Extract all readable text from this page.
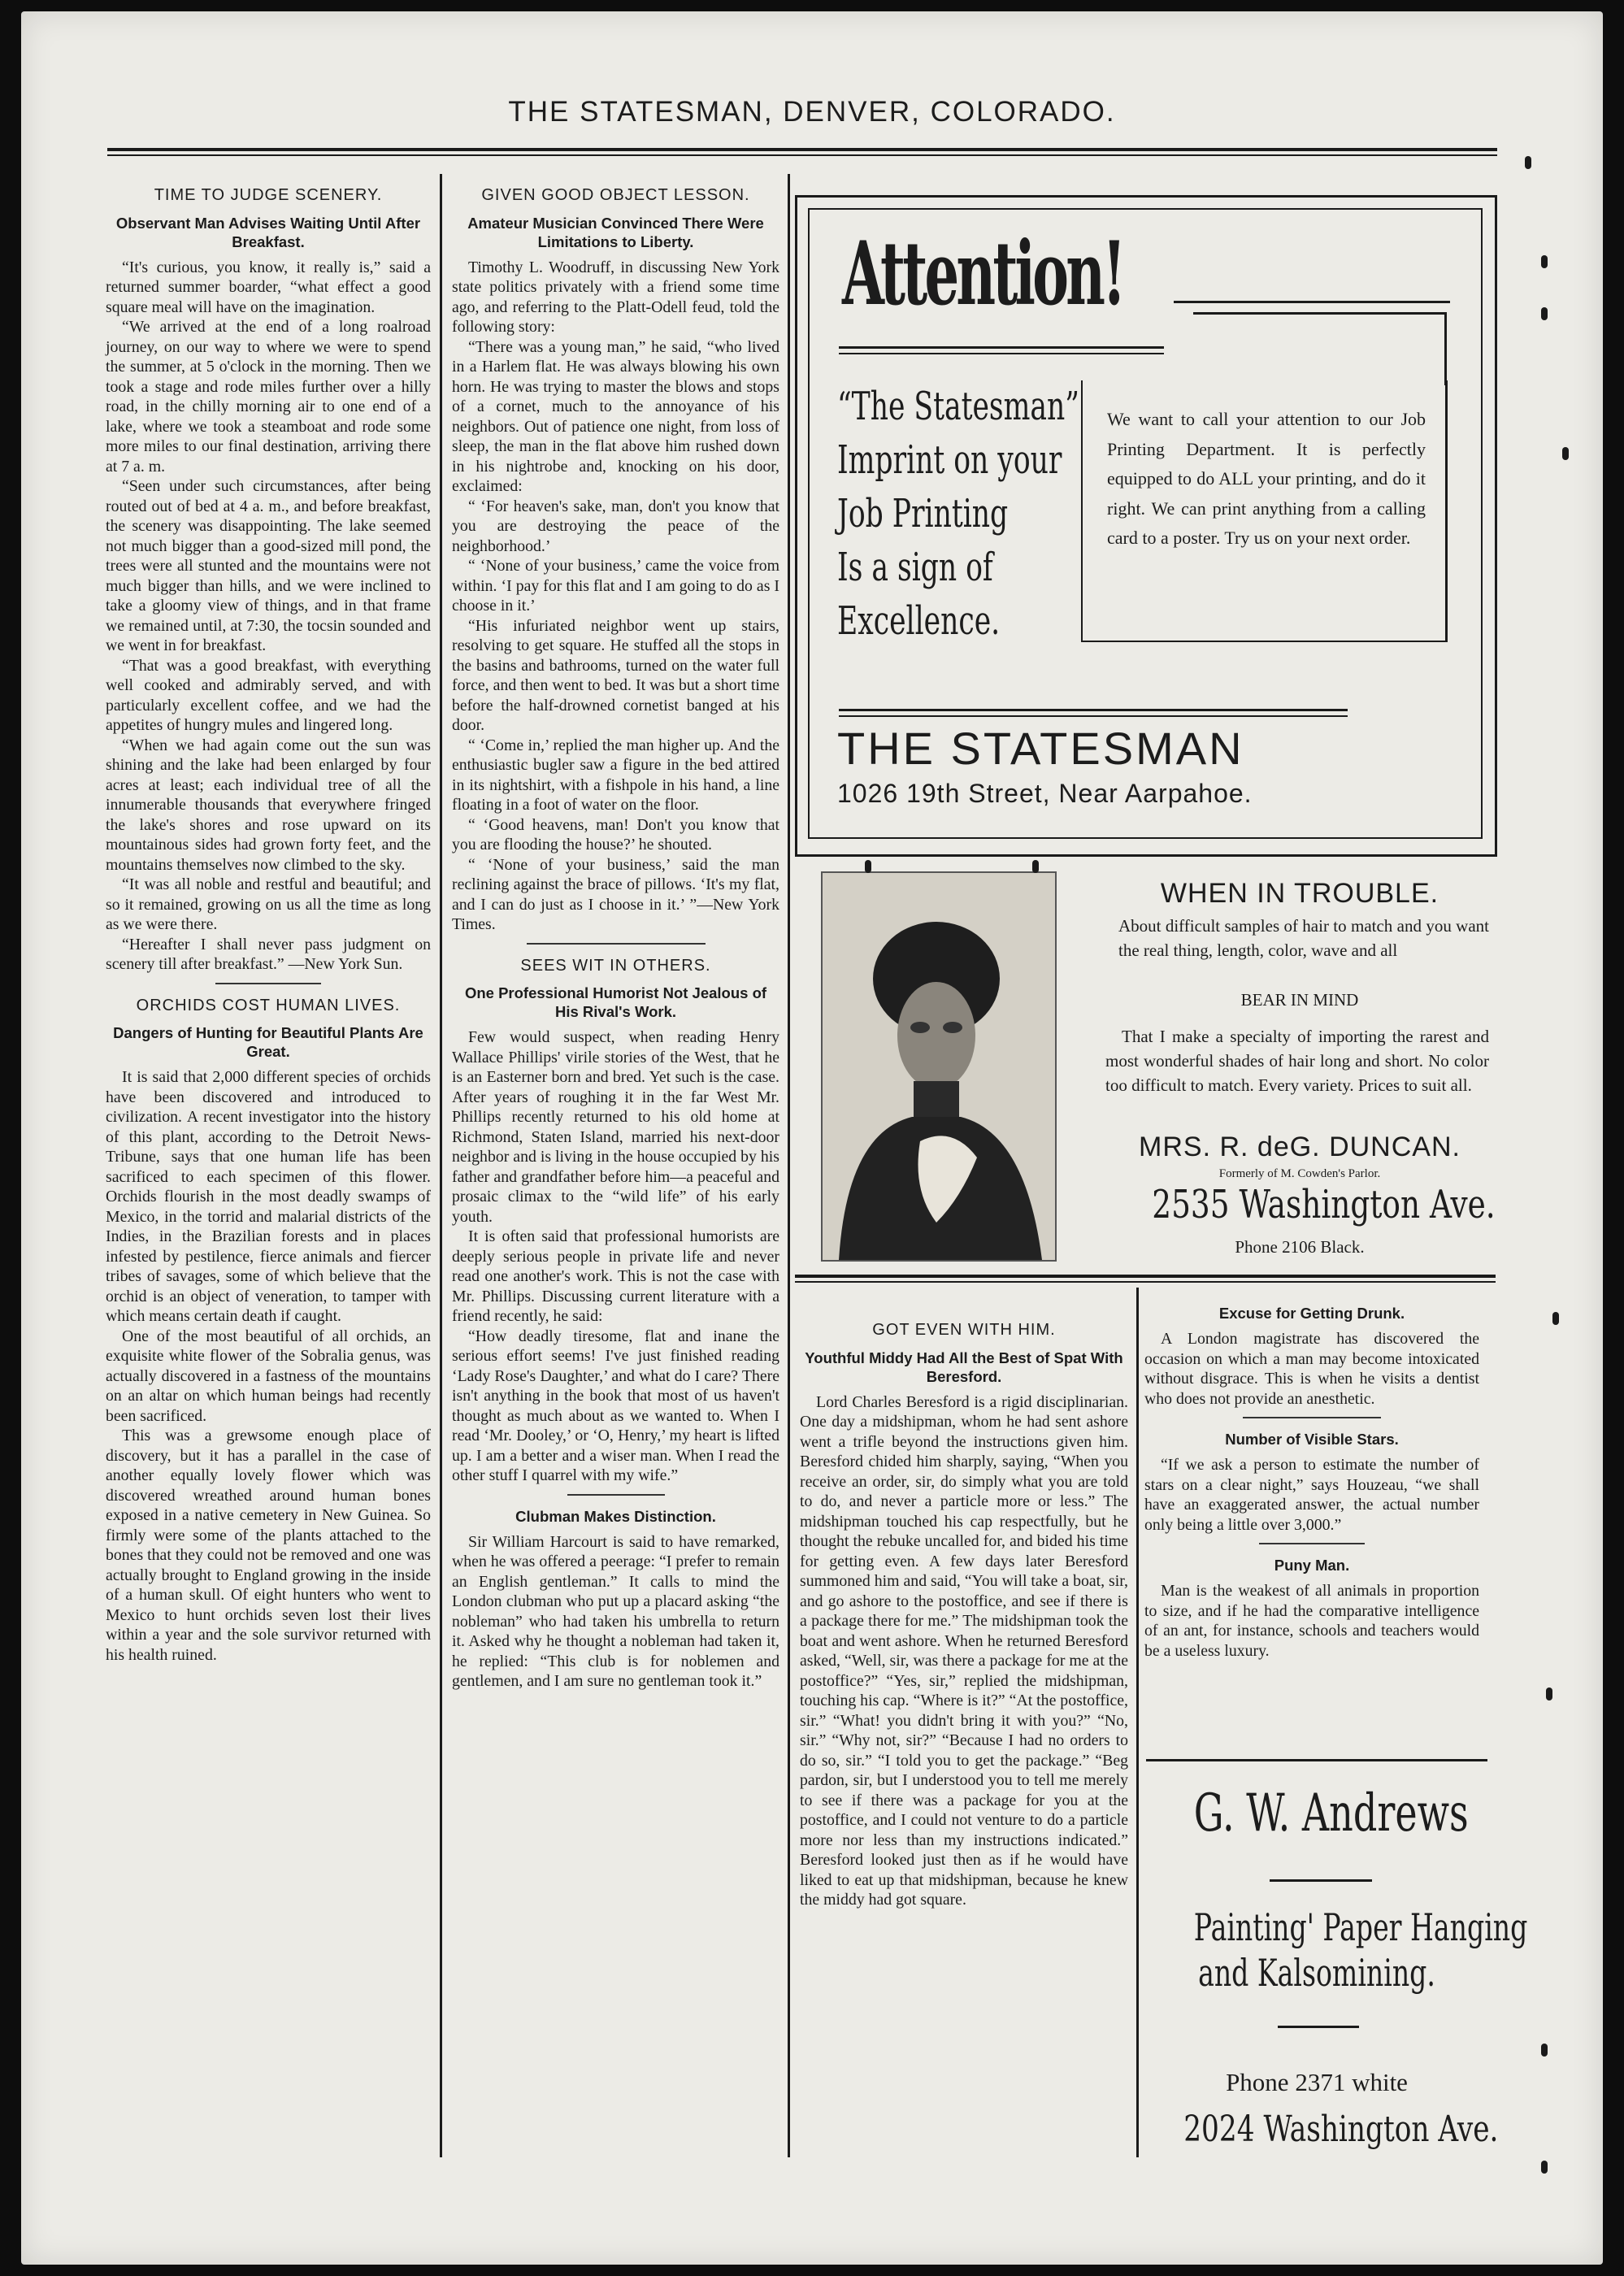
THE STATESMAN, DENVER, COLORADO.
TIME TO JUDGE SCENERY.
Observant Man Advises Waiting Until After Breakfast.

“It's curious, you know, it really is,” said a returned summer boarder, “what effect a good square meal will have on the imagination.

“We arrived at the end of a long roalroad journey, on our way to where we were to spend the summer, at 5 o'clock in the morning. Then we took a stage and rode miles further over a hilly road, in the chilly morning air to one end of a lake, where we took a steamboat and rode some more miles to our final destination, arriving there at 7 a. m.

“Seen under such circumstances, after being routed out of bed at 4 a. m., and before breakfast, the scenery was disappointing. The lake seemed not much bigger than a good-sized mill pond, the trees were all stunted and the mountains were not much bigger than hills, and we were inclined to take a gloomy view of things, and in that frame we remained until, at 7:30, the tocsin sounded and we went in for breakfast.

“That was a good breakfast, with everything well cooked and admirably served, and with particularly excellent coffee, and we had the appetites of hungry mules and lingered long.

“When we had again come out the sun was shining and the lake had been enlarged by four acres at least; each individual tree of all the innumerable thousands that everywhere fringed the lake's shores and rose upward on its mountainous sides had grown forty feet, and the mountains themselves now climbed to the sky.

“It was all noble and restful and beautiful; and so it remained, growing on us all the time as long as we were there.

“Hereafter I shall never pass judgment on scenery till after breakfast.” —New York Sun.

ORCHIDS COST HUMAN LIVES.
Dangers of Hunting for Beautiful Plants Are Great.

It is said that 2,000 different species of orchids have been discovered and introduced to civilization. A recent investigator into the history of this plant, according to the Detroit News-Tribune, says that one human life has been sacrificed to each specimen of this flower. Orchids flourish in the most deadly swamps of Mexico, in the torrid and malarial districts of the Indies, in the Brazilian forests and in places infested by pestilence, fierce animals and fiercer tribes of savages, some of which believe that the orchid is an object of veneration, to tamper with which means certain death if caught.

One of the most beautiful of all orchids, an exquisite white flower of the Sobralia genus, was actually discovered in a fastness of the mountains on an altar on which human beings had recently been sacrificed.

This was a grewsome enough place of discovery, but it has a parallel in the case of another equally lovely flower which was discovered wreathed around human bones exposed in a native cemetery in New Guinea. So firmly were some of the plants attached to the bones that they could not be removed and one was actually brought to England growing in the inside of a human skull. Of eight hunters who went to Mexico to hunt orchids seven lost their lives within a year and the sole survivor returned with his health ruined.

GIVEN GOOD OBJECT LESSON.
Amateur Musician Convinced There Were Limitations to Liberty.

Timothy L. Woodruff, in discussing New York state politics privately with a friend some time ago, and referring to the Platt-Odell feud, told the following story:

“There was a young man,” he said, “who lived in a Harlem flat. He was always blowing his own horn. He was trying to master the blows and stops of a cornet, much to the annoyance of his neighbors. Out of patience one night, from loss of sleep, the man in the flat above him rushed down in his nightrobe and, knocking on his door, exclaimed:

“ ‘For heaven's sake, man, don't you know that you are destroying the peace of the neighborhood.’

“ ‘None of your business,’ came the voice from within. ‘I pay for this flat and I am going to do as I choose in it.’

“His infuriated neighbor went up stairs, resolving to get square. He stuffed all the stops in the basins and bathrooms, turned on the water full force, and then went to bed. It was but a short time before the half-drowned cornetist banged at his door.

“ ‘Come in,’ replied the man higher up. And the enthusiastic bugler saw a figure in the bed attired in its nightshirt, with a fishpole in his hand, a line floating in a foot of water on the floor.

“ ‘Good heavens, man! Don't you know that you are flooding the house?’ he shouted.

“ ‘None of your business,’ said the man reclining against the brace of pillows. ‘It's my flat, and I can do just as I choose in it.’ ”—New York Times.

SEES WIT IN OTHERS.
One Professional Humorist Not Jealous of His Rival's Work.

Few would suspect, when reading Henry Wallace Phillips' virile stories of the West, that he is an Easterner born and bred. Yet such is the case. After years of roughing it in the far West Mr. Phillips recently returned to his old home at Richmond, Staten Island, married his next-door neighbor and is living in the house occupied by his father and grandfather before him—a peaceful and prosaic climax to the “wild life” of his early youth.

It is often said that professional humorists are deeply serious people in private life and never read one another's work. This is not the case with Mr. Phillips. Discussing current literature with a friend recently, he said:

“How deadly tiresome, flat and inane the serious effort seems! I've just finished reading ‘Lady Rose's Daughter,’ and what do I care? There isn't anything in the book that most of us haven't thought as much about as we wanted to. When I read ‘Mr. Dooley,’ or ‘O, Henry,’ my heart is lifted up. I am a better and a wiser man. When I read the other stuff I quarrel with my wife.”

Clubman Makes Distinction.

Sir William Harcourt is said to have remarked, when he was offered a peerage: “I prefer to remain an English gentleman.” It calls to mind the London clubman who put up a placard asking “the nobleman” who had taken his umbrella to return it. Asked why he thought a nobleman had taken it, he replied: “This club is for noblemen and gentlemen, and I am sure no gentleman took it.”

Attention!
“The Statesman”
Imprint on your
Job Printing
Is a sign of
Excellence.
We want to call your attention to our Job Printing Department. It is perfectly equipped to do ALL your printing, and do it right. We can print anything from a calling card to a poster. Try us on your next order.
THE STATESMAN
1026 19th Street, Near Aarpahoe.
WHEN IN TROUBLE.
About difficult samples of hair to match and you want the real thing, length, color, wave and all
BEAR IN MIND
That I make a specialty of importing the rarest and most wonderful shades of hair long and short. No color too difficult to match. Every variety. Prices to suit all.
MRS. R. deG. DUNCAN.
Formerly of M. Cowden's Parlor.
2535 Washington Ave.
Phone 2106 Black.
GOT EVEN WITH HIM.
Youthful Middy Had All the Best of Spat With Beresford.

Lord Charles Beresford is a rigid disciplinarian. One day a midshipman, whom he had sent ashore went a trifle beyond the instructions given him. Beresford chided him sharply, saying, “When you receive an order, sir, do simply what you are told to do, and never a particle more or less.” The midshipman touched his cap respectfully, but he thought the rebuke uncalled for, and bided his time for getting even. A few days later Beresford summoned him and said, “You will take a boat, sir, and go ashore to the postoffice, and see if there is a package there for me.” The midshipman took the boat and went ashore. When he returned Beresford asked, “Well, sir, was there a package for me at the postoffice?” “Yes, sir,” replied the midshipman, touching his cap. “Where is it?” “At the postoffice, sir.” “What! you didn't bring it with you?” “No, sir.” “Why not, sir?” “Because I had no orders to do so, sir.” “I told you to get the package.” “Beg pardon, sir, but I understood you to tell me merely to see if there was a package for you at the postoffice, and I could not venture to do a particle more nor less than my instructions indicated.” Beresford looked just then as if he would have liked to eat up that midshipman, because he knew the middy had got square.

Excuse for Getting Drunk.

A London magistrate has discovered the occasion on which a man may become intoxicated without disgrace. This is when he visits a dentist who does not provide an anesthetic.

Number of Visible Stars.

“If we ask a person to estimate the number of stars on a clear night,” says Houzeau, “we shall have an exaggerated answer, the actual number only being a little over 3,000.”

Puny Man.

Man is the weakest of all animals in proportion to size, and if he had the comparative intelligence of an ant, for instance, schools and teachers would be a useless luxury.

G. W. Andrews
Painting' Paper Hanging
and Kalsomining.
Phone 2371 white
2024 Washington Ave.
